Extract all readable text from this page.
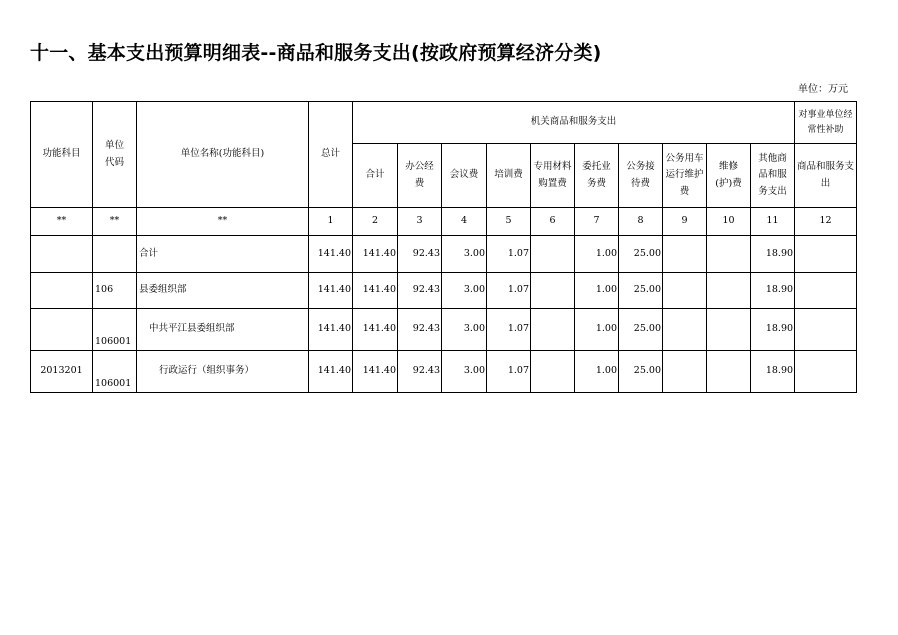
十一、基本支出预算明细表--商品和服务支出(按政府预算经济分类)
单位：万元
功能科目	单位代码	单位名称(功能科目)	总计	机关商品和服务支出										对事业单位经常性补助
				合计	办公经费	会议费	培训费	专用材料购置费	委托业务费	公务接待费	公务用车运行维护费	维修(护)费	其他商品和服务支出	商品和服务支出
**	**	**	1	2	3	4	5	6	7	8	9	10	11	12
		合计	141.40	141.40	92.43	3.00	1.07		1.00	25.00			18.90	
	106	县委组织部	141.40	141.40	92.43	3.00	1.07		1.00	25.00			18.90	
	106001	中共平江县委组织部	141.40	141.40	92.43	3.00	1.07		1.00	25.00			18.90	
2013201	106001	行政运行（组织事务）	141.40	141.40	92.43	3.00	1.07		1.00	25.00			18.90	
